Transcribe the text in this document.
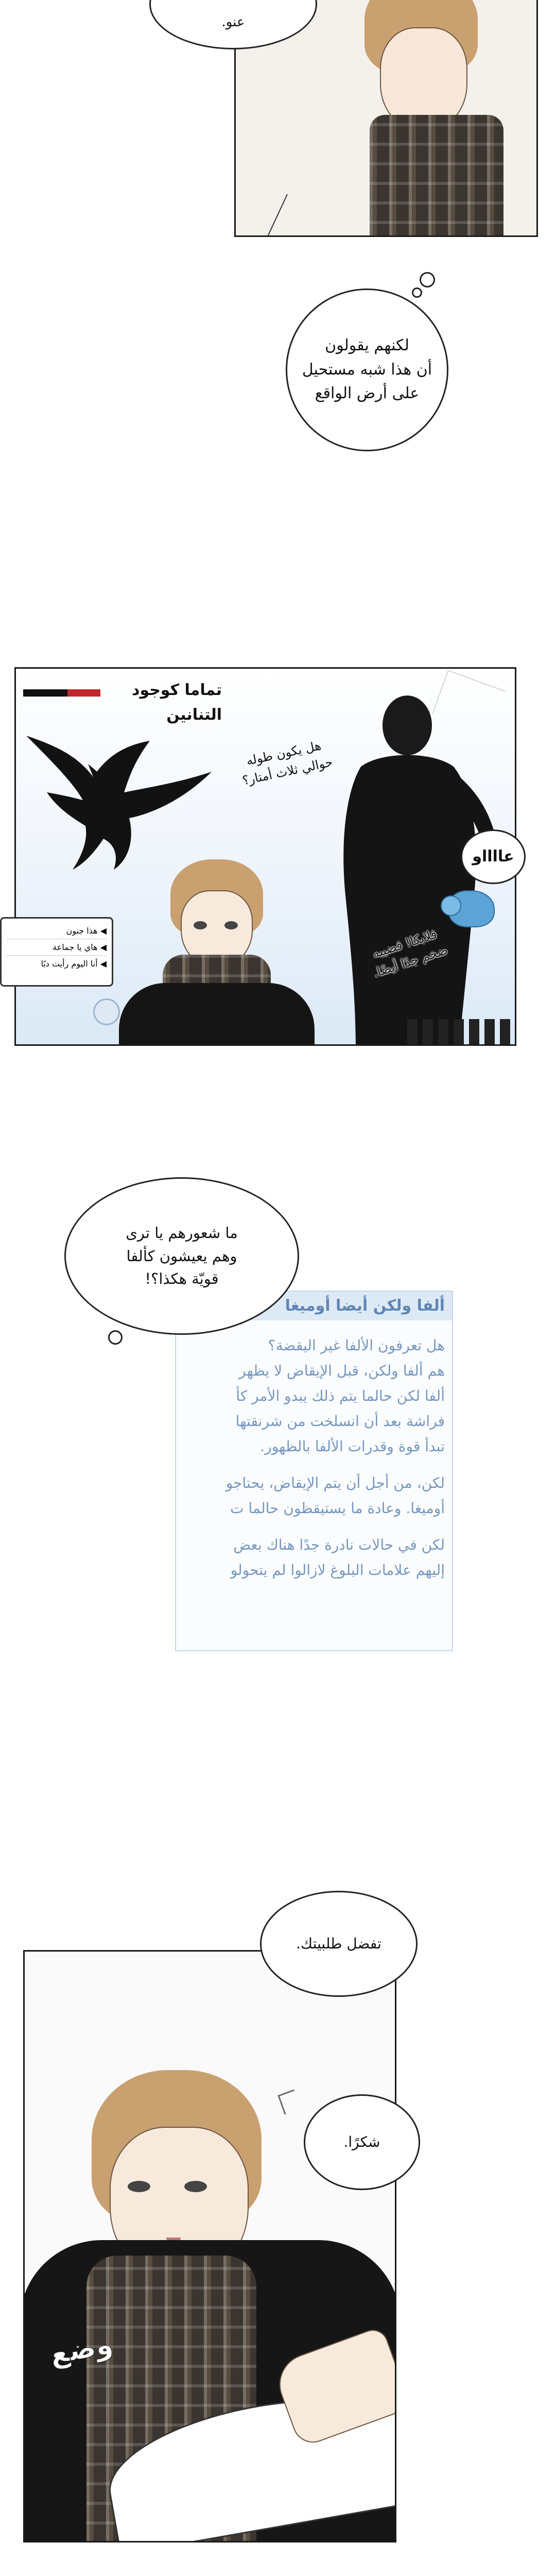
عنو.
لكنهم يقولون
أن هذا شبه مستحيل
على أرض الواقع
تماما كوجود
التنانين

هل يكون طوله
حوالي ثلاث أمتار؟

قلابكا! قضيبه
ضخم جدًا أيضًا.

عااااو
◀ هذا جنون
◀ هاي يا جماعة
◀ أنا اليوم رأيت دبًا
ألفا ولكن أيضا أوميغا
هل تعرفون الألفا غير اليقضة؟
هم ألفا ولكن، قبل الإيقاض لا يظهر
ألفا لكن حالما يتم ذلك يبدو الأمر كأ
فراشة بعد أن انسلخت من شرنقتها
تبدأ قوة وقدرات الألفا بالظهور.
لكن، من أجل أن يتم الإيقاض، يحتاجو
أوميغا. وعادة ما يستيقظون حالما ت
لكن في حالات نادرة جدًا هناك بعض
إليهم علامات البلوغ لازالوا لم يتحولو
ما شعورهم يا ترى
وهم يعيشون كألفا
قويّة هكذا؟!
وضع
تفضل طلبيتك.
شكرًا.
